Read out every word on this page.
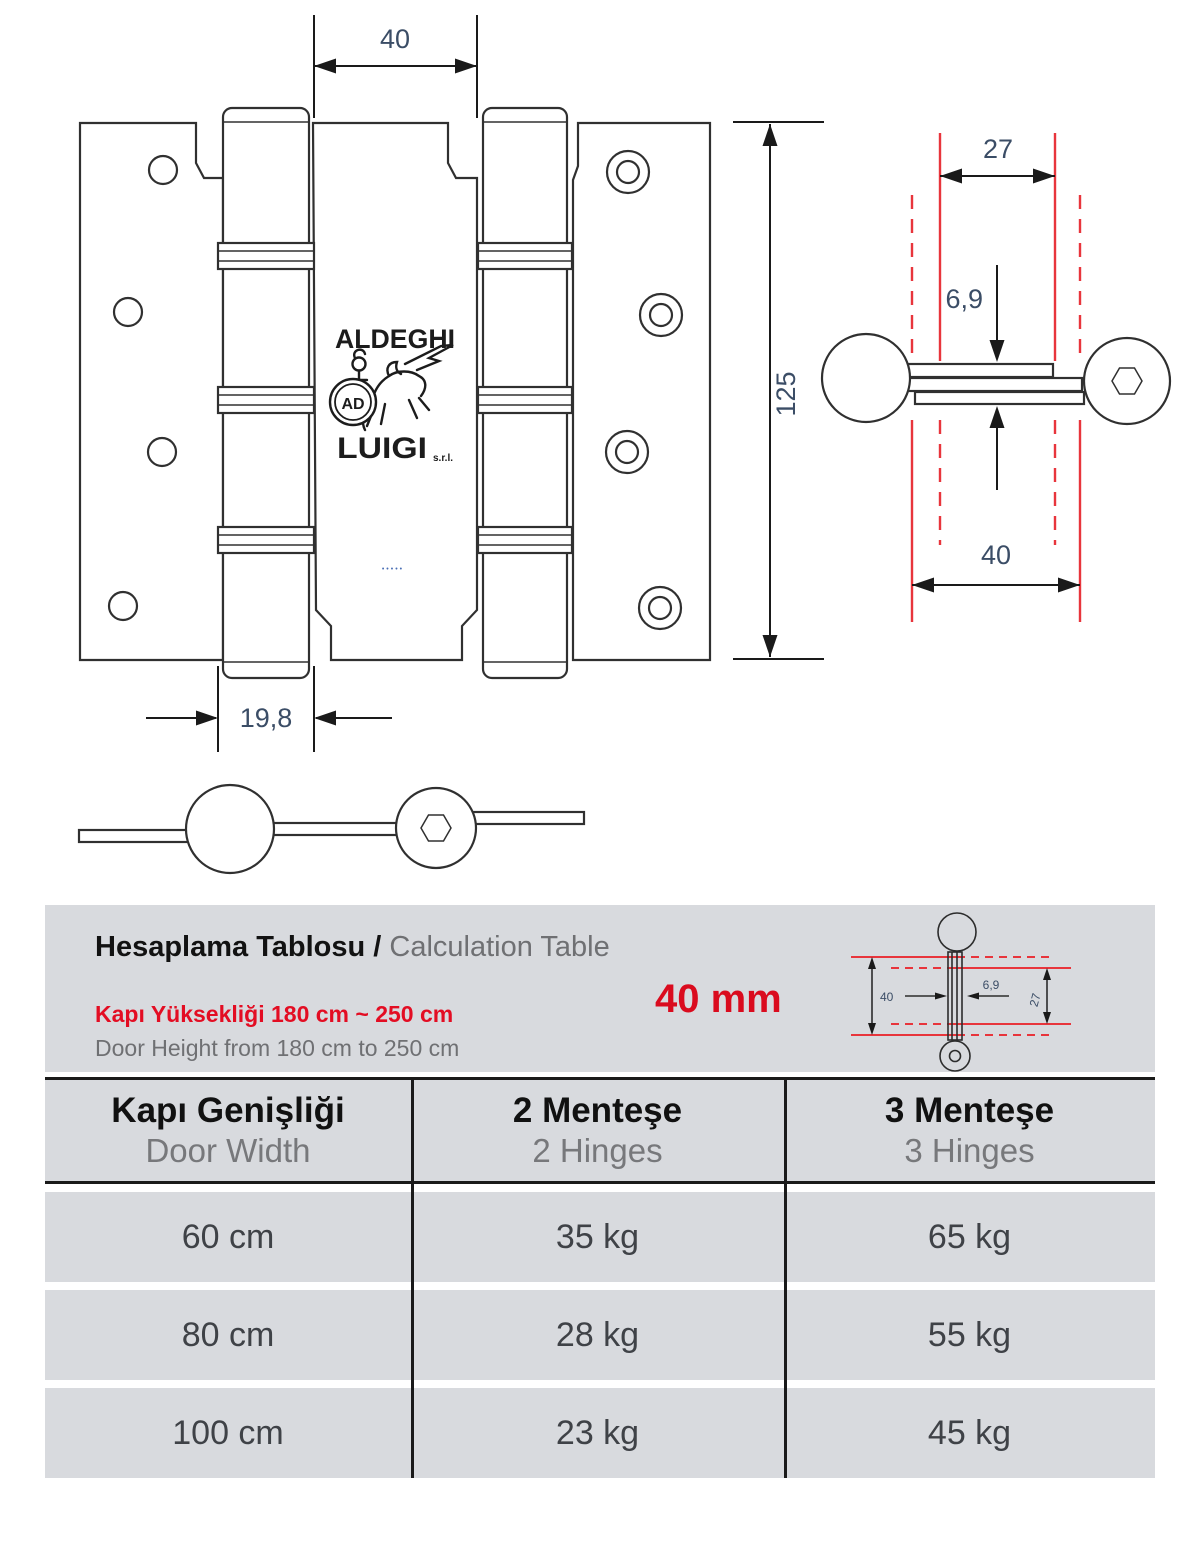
ALDEGHI
AD
LUIGI s.r.l.
•••••
40
125
19,8
27
6,9
40
Hesaplama Tablosu / Calculation Table
Kapı Yüksekliği 180 cm ~ 250 cm
Door Height from 180 cm to 250 cm
40 mm	40
6,9
27
Kapı Genişliği
Door Width
2 Menteşe
2 Hinges
3 Menteşe
3 Hinges
60 cm	35 kg	65 kg
80 cm	28 kg	55 kg
100 cm	23 kg	45 kg
